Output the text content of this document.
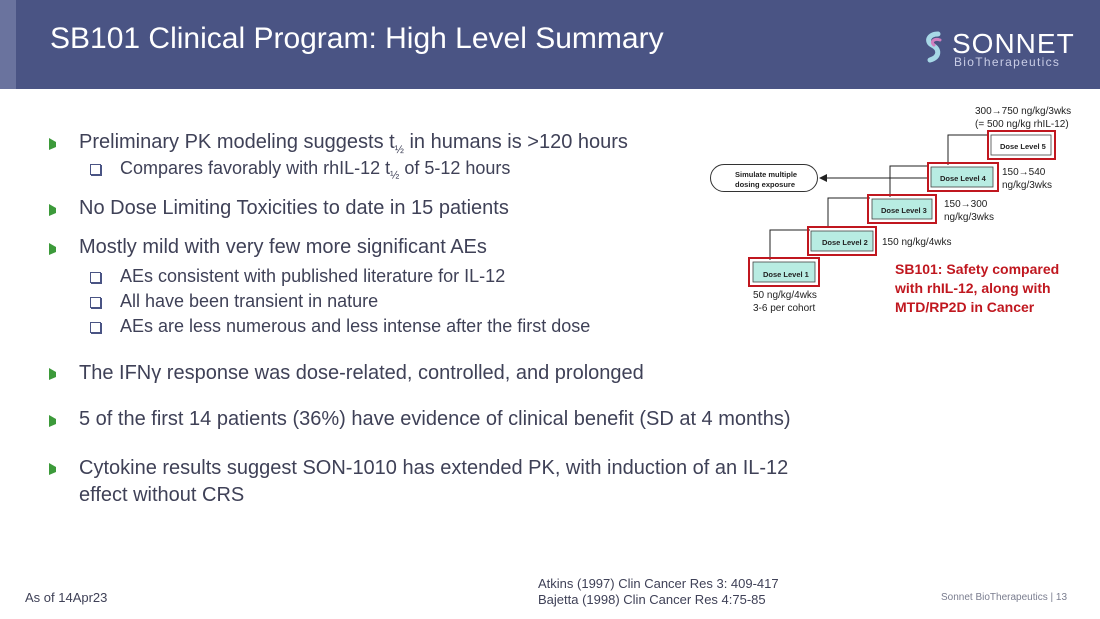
SB101 Clinical Program: High Level Summary	SONNET
BioTherapeutics
Preliminary PK modeling suggests $t_{\frac{1}{2}}$ in humans is >120 hours
Compares favorably with rhIL-12 $t_{\frac{1}{2}}$ of 5-12 hours
No Dose Limiting Toxicities to date in 15 patients
Mostly mild with very few more significant AEs
AEs consistent with published literature for IL-12
All have been transient in nature
AEs are less numerous and less intense after the first dose
The IFNγ response was dose-related, controlled, and prolonged
5 of the first 14 patients (36%) have evidence of clinical benefit (SD at 4 months)
Cytokine results suggest SON-1010 has extended PK, with induction of an IL-12
effect without CRS
Dose Level 1
Dose Level 2
Dose Level 3
Dose Level 4
Dose Level 5
Simulate multiple
dosing exposure
50 ng/kg/4wks
3-6 per cohort
150 ng/kg/4wks
150→300
ng/kg/3wks
150→540
ng/kg/3wks
300→750 ng/kg/3wks
(= 500 ng/kg rhIL-12)
SB101: Safety compared
with rhIL-12, along with
MTD/RP2D in Cancer
As of 14Apr23
Atkins (1997) Clin Cancer Res 3: 409-417
Bajetta (1998) Clin Cancer Res 4:75-85	Sonnet BioTherapeutics | 13
